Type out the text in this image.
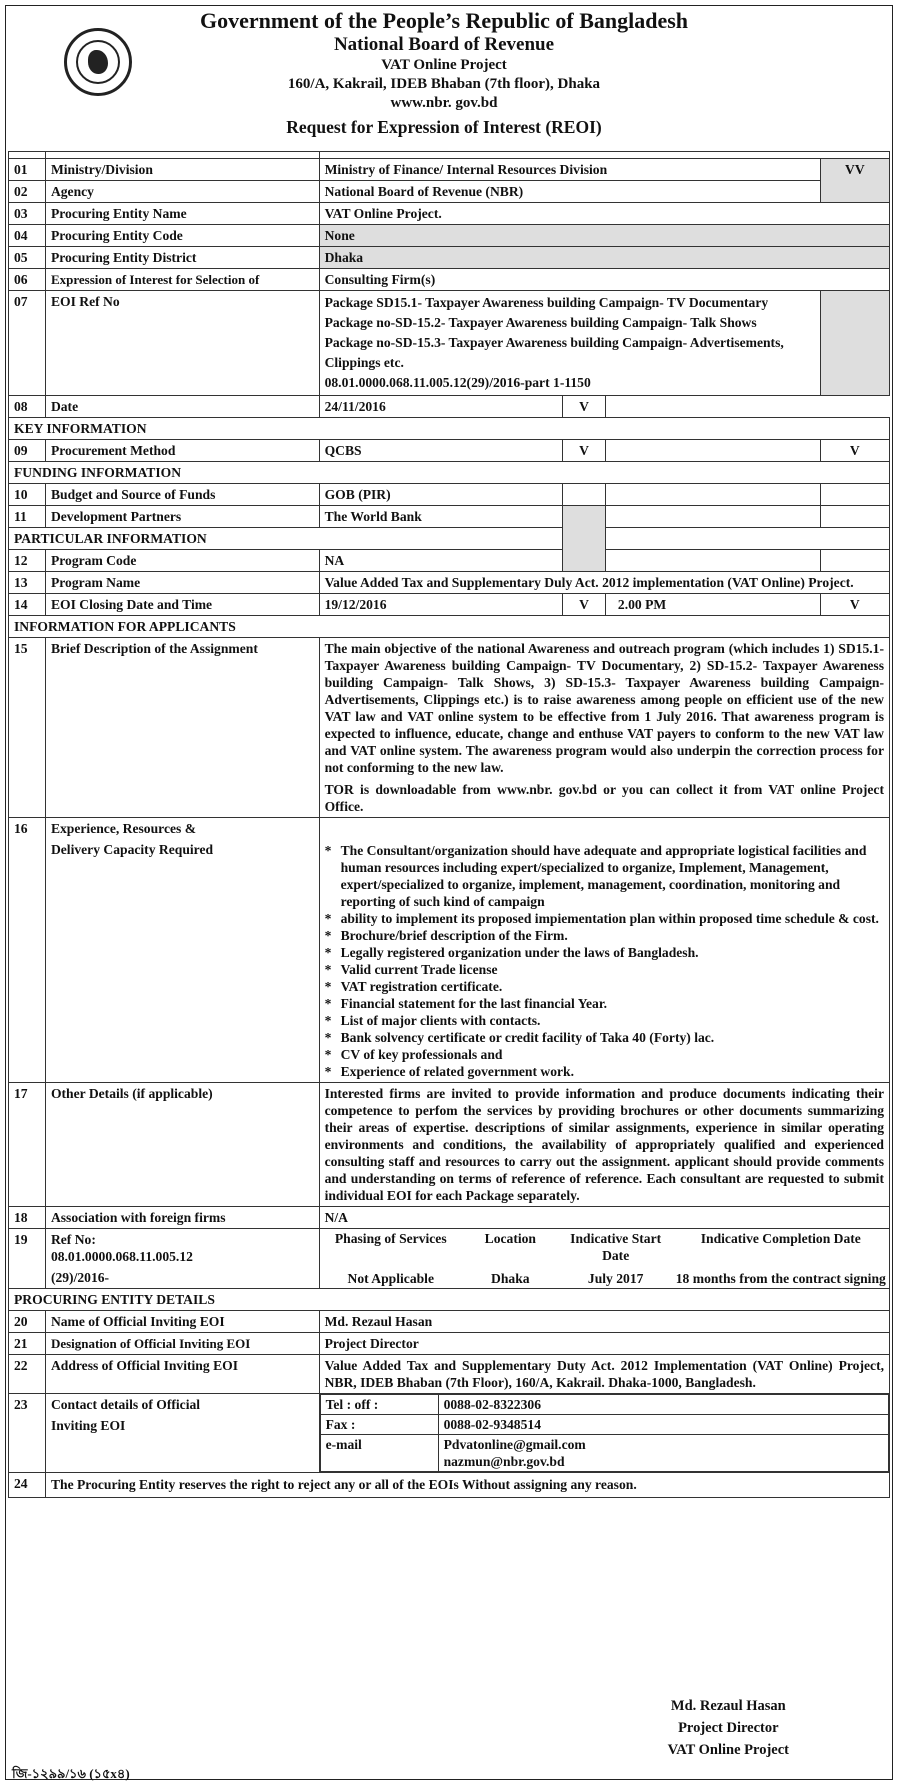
Government of the People’s Republic of Bangladesh
National Board of Revenue
VAT Online Project
160/A, Kakrail, IDEB Bhaban (7th floor), Dhaka
www.nbr. gov.bd
Request for Expression of Interest (REOI)

01	Ministry/Division	Ministry of Finance/ Internal Resources Division	VV
02	Agency	National Board of Revenue (NBR)
03	Procuring Entity Name	VAT Online Project.
04	Procuring Entity Code	None
05	Procuring Entity District	Dhaka
06	Expression of Interest for Selection of	Consulting Firm(s)
07	EOI Ref No	Package SD15.1- Taxpayer Awareness building Campaign- TV Documentary
Package no-SD-15.2- Taxpayer Awareness building Campaign- Talk Shows
Package no-SD-15.3- Taxpayer Awareness building Campaign- Advertisements, Clippings etc.
08.01.0000.068.11.005.12(29)/2016-part 1-1150

08	Date	24/11/2016	V	
KEY INFORMATION
09	Procurement Method	QCBS	V		V
FUNDING INFORMATION
10	Budget and Source of Funds	GOB (PIR)			
11	Development Partners	The World Bank			
PARTICULAR INFORMATION	
12	Program Code	NA		
13	Program Name	Value Added Tax and Supplementary Duly Act. 2012 implementation (VAT Online) Project.
14	EOI Closing Date and Time	19/12/2016	V	2.00 PM	V
INFORMATION FOR APPLICANTS
15	Brief Description of the Assignment	The main objective of the national Awareness and outreach program (which includes 1) SD15.1-Taxpayer Awareness building Campaign- TV Documentary, 2) SD-15.2- Taxpayer Awareness building Campaign- Talk Shows, 3) SD-15.3- Taxpayer Awareness building Campaign- Advertisements, Clippings etc.) is to raise awareness among people on efficient use of the new VAT law and VAT online system to be effective from 1 July 2016. That awareness program is expected to influence, educate, change and enthuse VAT payers to conform to the new VAT law and VAT online system. The awareness program would also underpin the correction process for not conforming to the new law.
TOR is downloadable from www.nbr. gov.bd or you can collect it from VAT online Project Office.

16	Experience, Resources &
Delivery Capacity Required

*The Consultant/organization should have adequate and appropriate logistical facilities and human resources including expert/specialized to organize, Implement, Management, expert/specialized to organize, implement, management, coordination, monitoring and reporting of such kind of campaign
* ability to implement its proposed impiementation plan within proposed time schedule & cost.
* Brochure/brief description of the Firm.
* Legally registered organization under the laws of Bangladesh.
* Valid current Trade license
* VAT registration certificate.
* Financial statement for the last financial Year.
* List of major clients with contacts.
* Bank solvency certificate or credit facility of Taka 40 (Forty) lac.
* CV of key professionals and
* Experience of related government work.

17	Other Details (if applicable)	Interested firms are invited to provide information and produce documents indicating their competence to perfom the services by providing brochures or other documents summarizing their areas of expertise. descriptions of similar assignments, experience in similar operating environments and conditions, the availability of appropriately qualified and experienced consulting staff and resources to carry out the assignment. applicant should provide comments and understanding on terms of reference of reference. Each consultant are requested to submit individual EOI for each Package separately.
18	Association with foreign firms	N/A
19	Ref No:
08.01.0000.068.11.005.12
(29)/2016-

Phasing of Services	Location	Indicative Start Date	Indicative Completion Date
Not Applicable	Dhaka	July 2017	18 months from the contract signing

PROCURING ENTITY DETAILS
20	Name of Official Inviting EOI	Md. Rezaul Hasan
21	Designation of Official Inviting EOI	Project Director
22	Address of Official Inviting EOI	Value Added Tax and Supplementary Duty Act. 2012 Implementation (VAT Online) Project, NBR, IDEB Bhaban (7th Floor), 160/A, Kakrail. Dhaka-1000, Bangladesh.
23	Contact details of Official
Inviting EOI

Tel : off :	0088-02-8322306
Fax :	0088-02-9348514
e-mail	Pdvatonline@gmail.com
nazmun@nbr.gov.bd

24	The Procuring Entity reserves the right to reject any or all of the EOIs Without assigning any reason.
Md. Rezaul Hasan
Project Director
VAT Online Project
জি-১২৯৯/১৬ (১৫x৪)
